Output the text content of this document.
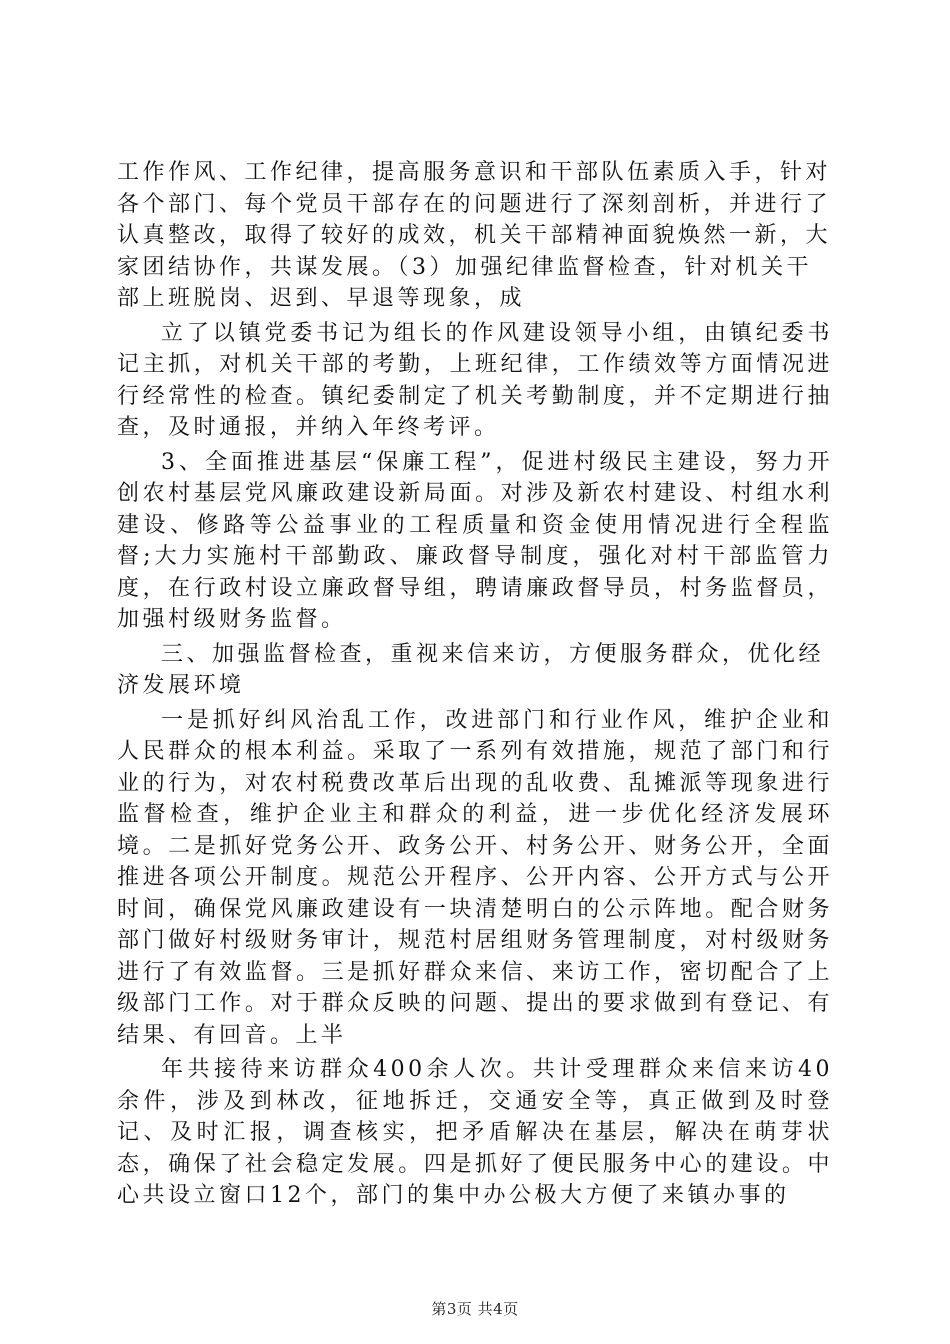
工作作风、工作纪律，提高服务意识和干部队伍素质入手，针对各个部门、每个党员干部存在的问题进行了深刻剖析，并进行了认真整改，取得了较好的成效，机关干部精神面貌焕然一新，大家团结协作，共谋发展。（3）加强纪律监督检查，针对机关干部上班脱岗、迟到、早退等现象，成

立了以镇党委书记为组长的作风建设领导小组，由镇纪委书记主抓，对机关干部的考勤，上班纪律，工作绩效等方面情况进行经常性的检查。镇纪委制定了机关考勤制度，并不定期进行抽查，及时通报，并纳入年终考评。

3、全面推进基层“保廉工程”，促进村级民主建设，努力开创农村基层党风廉政建设新局面。对涉及新农村建设、村组水利建设、修路等公益事业的工程质量和资金使用情况进行全程监督;大力实施村干部勤政、廉政督导制度，强化对村干部监管力度，在行政村设立廉政督导组，聘请廉政督导员，村务监督员，加强村级财务监督。

三、加强监督检查，重视来信来访，方便服务群众，优化经济发展环境

一是抓好纠风治乱工作，改进部门和行业作风，维护企业和人民群众的根本利益。采取了一系列有效措施，规范了部门和行业的行为，对农村税费改革后出现的乱收费、乱摊派等现象进行监督检查，维护企业主和群众的利益，进一步优化经济发展环境。二是抓好党务公开、政务公开、村务公开、财务公开，全面推进各项公开制度。规范公开程序、公开内容、公开方式与公开时间，确保党风廉政建设有一块清楚明白的公示阵地。配合财务部门做好村级财务审计，规范村居组财务管理制度，对村级财务进行了有效监督。三是抓好群众来信、来访工作，密切配合了上级部门工作。对于群众反映的问题、提出的要求做到有登记、有结果、有回音。上半

年共接待来访群众400余人次。共计受理群众来信来访40余件，涉及到林改，征地拆迁，交通安全等，真正做到及时登记、及时汇报，调查核实，把矛盾解决在基层，解决在萌芽状态，确保了社会稳定发展。四是抓好了便民服务中心的建设。中心共设立窗口12个，部门的集中办公极大方便了来镇办事的

第3页 共4页
